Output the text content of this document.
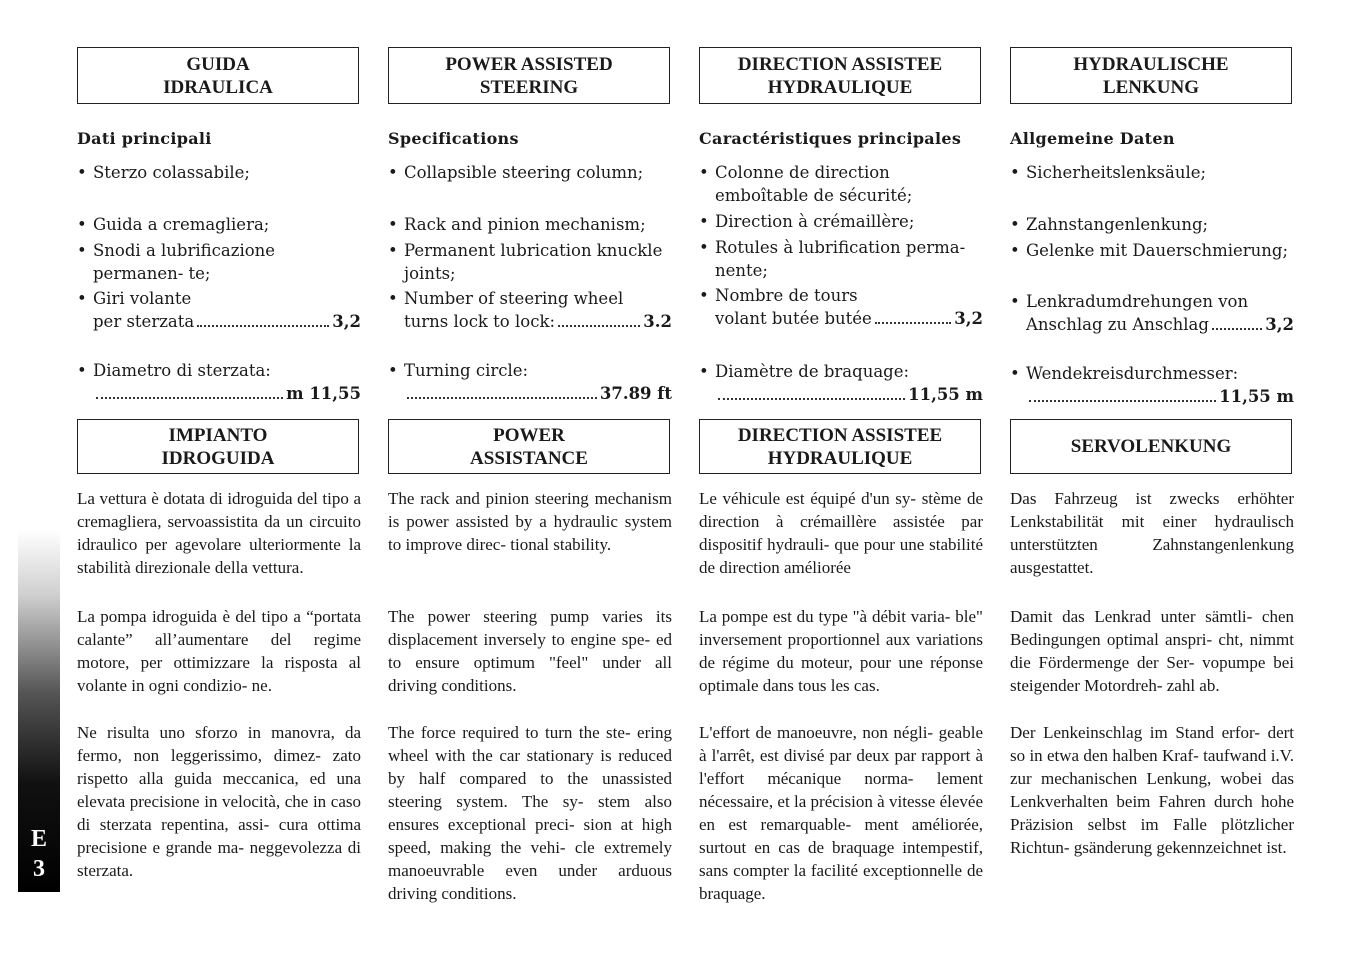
E
3
GUIDA
IDRAULICA
Dati principali
• Sterzo colassabile;
• Guida a cremagliera;
• Snodi a lubrificazione permanen- te;
• Giri volante
per sterzata	3,2
• Diametro di sterzata:
m 11,55
IMPIANTO
IDROGUIDA

La vettura è dotata di idroguida del tipo a cremagliera, servoassistita da un circuito idraulico per agevolare ulteriormente la stabilità direzionale della vettura.

La pompa idroguida è del tipo a “portata calante” all’aumentare del regime motore, per ottimizzare la risposta al volante in ogni condizio- ne.

Ne risulta uno sforzo in manovra, da fermo, non leggerissimo, dimez- zato rispetto alla guida meccanica, ed una elevata precisione in velocità, che in caso di sterzata repentina, assi- cura ottima precisione e grande ma- neggevolezza di sterzata.

POWER ASSISTED
STEERING
Specifications
• Collapsible steering column;
• Rack and pinion mechanism;
• Permanent lubrication knuckle joints;
• Number of steering wheel
turns lock to lock:	3.2
• Turning circle:
37.89 ft
POWER
ASSISTANCE

The rack and pinion steering mechanism is power assisted by a hydraulic system to improve direc- tional stability.

The power steering pump varies its displacement inversely to engine spe- ed to ensure optimum "feel" under all driving conditions.

The force required to turn the ste- ering wheel with the car stationary is reduced by half compared to the unassisted steering system. The sy- stem also ensures exceptional preci- sion at high speed, making the vehi- cle extremely manoeuvrable even under arduous driving conditions.

DIRECTION ASSISTEE
HYDRAULIQUE
Caractéristiques principales
• Colonne de direction emboîtable de sécurité;
• Direction à crémaillère;
• Rotules à lubrification perma- nente;
• Nombre de tours
volant butée butée	3,2
• Diamètre de braquage:
11,55 m
DIRECTION ASSISTEE
HYDRAULIQUE

Le véhicule est équipé d'un sy- stème de direction à crémaillère assistée par dispositif hydrauli- que pour une stabilité de direction améliorée

La pompe est du type "à débit varia- ble" inversement proportionnel aux variations de régime du moteur, pour une réponse optimale dans tous les cas.

L'effort de manoeuvre, non négli- geable à l'arrêt, est divisé par deux par rapport à l'effort mécanique norma- lement nécessaire, et la précision à vitesse élevée en est remarquable- ment améliorée, surtout en cas de braquage intempestif, sans compter la facilité exceptionnelle de braquage.

HYDRAULISCHE
LENKUNG
Allgemeine Daten
• Sicherheitslenksäule;
• Zahnstangenlenkung;
• Gelenke mit Dauerschmierung;
• Lenkradumdrehungen von
Anschlag zu Anschlag	3,2
• Wendekreisdurchmesser:
11,55 m
SERVOLENKUNG

Das Fahrzeug ist zwecks erhöhter Lenkstabilität mit einer hydraulisch unterstützten Zahnstangenlenkung ausgestattet.

Damit das Lenkrad unter sämtli- chen Bedingungen optimal anspri- cht, nimmt die Fördermenge der Ser- vopumpe bei steigender Motordreh- zahl ab.

Der Lenkeinschlag im Stand erfor- dert so in etwa den halben Kraf- taufwand i.V. zur mechanischen Lenkung, wobei das Lenkverhalten beim Fahren durch hohe Präzision selbst im Falle plötzlicher Richtun- gsänderung gekennzeichnet ist.
